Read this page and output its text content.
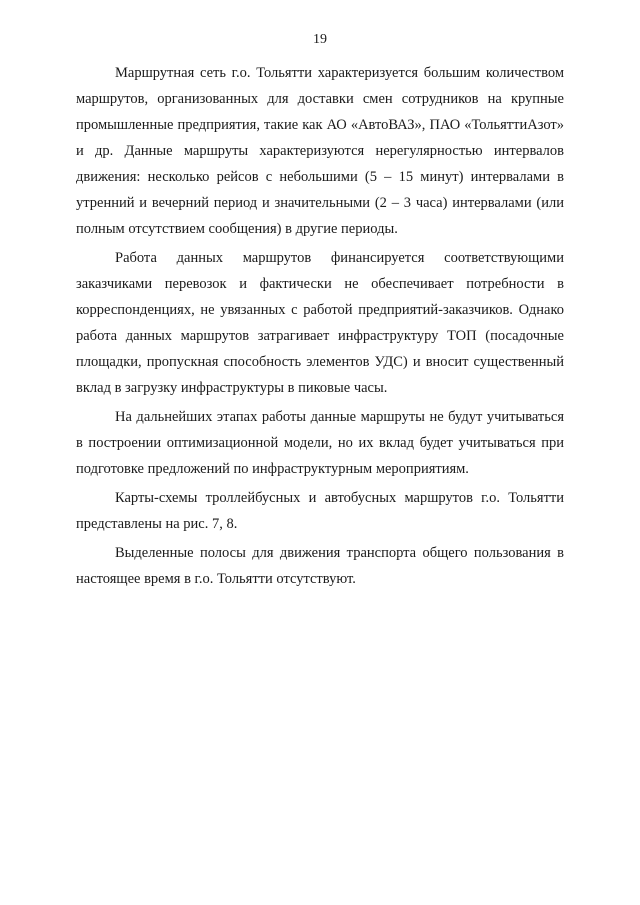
19

Маршрутная сеть г.о. Тольятти характеризуется большим количеством маршрутов, организованных для доставки смен сотрудников на крупные промышленные предприятия, такие как АО «АвтоВАЗ», ПАО «ТольяттиАзот» и др. Данные маршруты характеризуются нерегулярностью интервалов движения: несколько рейсов с небольшими (5 – 15 минут) интервалами в утренний и вечерний период и значительными (2 – 3 часа) интервалами (или полным отсутствием сообщения) в другие периоды.

Работа данных маршрутов финансируется соответствующими заказчиками перевозок и фактически не обеспечивает потребности в корреспонденциях, не увязанных с работой предприятий-заказчиков. Однако работа данных маршрутов затрагивает инфраструктуру ТОП (посадочные площадки, пропускная способность элементов УДС) и вносит существенный вклад в загрузку инфраструктуры в пиковые часы.

На дальнейших этапах работы данные маршруты не будут учитываться в построении оптимизационной модели, но их вклад будет учитываться при подготовке предложений по инфраструктурным мероприятиям.

Карты-схемы троллейбусных и автобусных маршрутов г.о. Тольятти представлены на рис. 7, 8.

Выделенные полосы для движения транспорта общего пользования в настоящее время в г.о. Тольятти отсутствуют.
